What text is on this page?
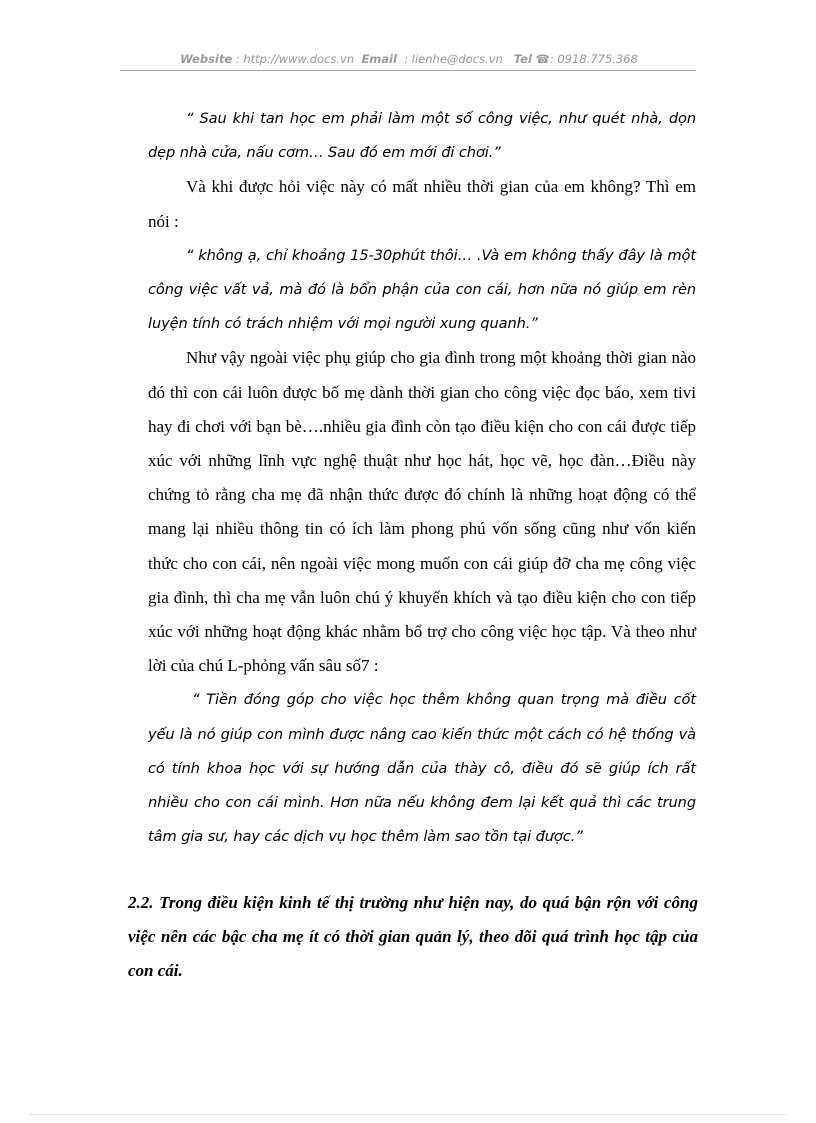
Website : http://www.docs.vn Email : lienhe@docs.vn Tel ☎: 0918.775.368

“ Sau khi tan học em phải làm một số công việc, như quét nhà, dọn dẹp nhà cửa, nấu cơm… Sau đó em mới đi chơi.”

Và khi được hỏi việc này có mất nhiều thời gian của em không? Thì em nói :

“ không ạ, chỉ khoảng 15-30phút thôi… .Và em không thấy đây là một công việc vất vả, mà đó là bổn phận của con cái, hơn nữa nó giúp em rèn luyện tính có trách nhiệm với mọi người xung quanh.”

Như vậy ngoài việc phụ giúp cho gia đình trong một khoảng thời gian nào đó thì con cái luôn được bố mẹ dành thời gian cho công việc đọc báo, xem tivi hay đi chơi với bạn bè….nhiều gia đình còn tạo điều kiện cho con cái được tiếp xúc với những lĩnh vực nghệ thuật như học hát, học vẽ, học đàn…Điều này chứng tỏ rằng cha mẹ đã nhận thức được đó chính là những hoạt động có thể mang lại nhiều thông tin có ích làm phong phú vốn sống cũng như vốn kiến thức cho con cái, nên ngoài việc mong muốn con cái giúp đỡ cha mẹ công việc gia đình, thì cha mẹ vẫn luôn chú ý khuyến khích và tạo điều kiện cho con tiếp xúc với những hoạt động khác nhằm bổ trợ cho công việc học tập. Và theo như lời của chú L-phỏng vấn sâu số7 :

“ Tiền đóng góp cho việc học thêm không quan trọng mà điều cốt yếu là nó giúp con mình được nâng cao kiến thức một cách có hệ thống và có tính khoa học với sự hướng dẫn của thày cô, điều đó sẽ giúp ích rất nhiều cho con cái mình. Hơn nữa nếu không đem lại kết quả thì các trung tâm gia sư, hay các dịch vụ học thêm làm sao tồn tại được.”

2.2. Trong điều kiện kinh tế thị trường như hiện nay, do quá bận rộn với công việc nên các bậc cha mẹ ít có thời gian quản lý, theo dõi quá trình học tập của con cái.
